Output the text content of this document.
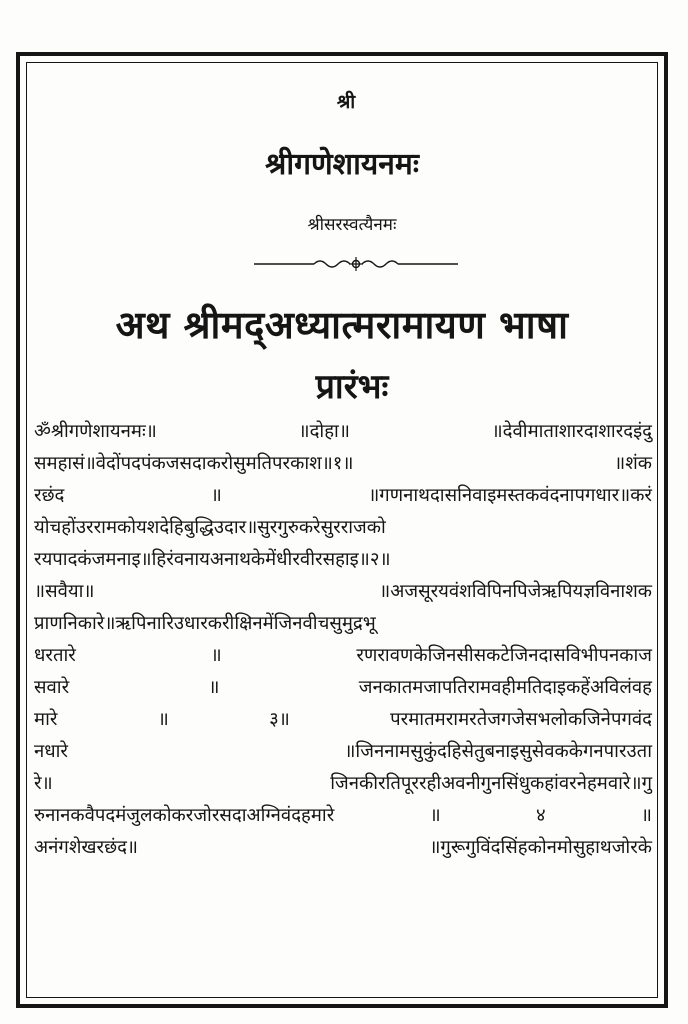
श्री
श्रीगणेशायनमः
श्रीसरस्वत्यैनमः
अथ श्रीमद्अध्यात्मरामायण भाषा
प्रारंभः
ॐश्रीगणेशायनमः॥ ॥दोहा॥ ॥देवीमाताशारदाशारदइंदु
समहासं॥वेदोंपदपंकजसदाकरोसुमतिपरकाश॥१॥ ॥शंक
रछंद ॥ ॥गणनाथदासनिवाइमस्तकवंदनापगधार॥करं
योचहोंउररामकोयशदेहिबुद्धिउदार॥सुरगुरुकरेसुरराजको
रयपादकंजमनाइ॥हिरंवनायअनाथकेमेंधीरवीरसहाइ॥२॥
॥सवैया॥ ॥अजसूरयवंशविपिनपिजेऋपियज्ञविनाशक
प्राणनिकारे॥ऋपिनारिउधारकरीक्षिनमेंजिनवीचसुमुद्रभू
धरतारे ॥ रणरावणकेजिनसीसकटेजिनदासविभीपनकाज
सवारे ॥ जनकातमजापतिरामवहीमतिदाइकहेंअविलंवह
मारे ॥ ३॥ परमातमरामरतेजगजेसभलोकजिनेपगवंद
नधारे ॥जिननामसुकुंदहिसेतुबनाइसुसेवककेगनपारउता
रे॥ जिनकीरतिपूररहीअवनीगुनसिंधुकहांवरनेहमवारे॥गु
रुनानकवैपदमंजुलकोकरजोरसदाअग्निवंदहमारे ॥ ४ ॥
अनंगशेखरछंद॥ ॥गुरूगुविंदसिंहकोनमोसुहाथजोरके
